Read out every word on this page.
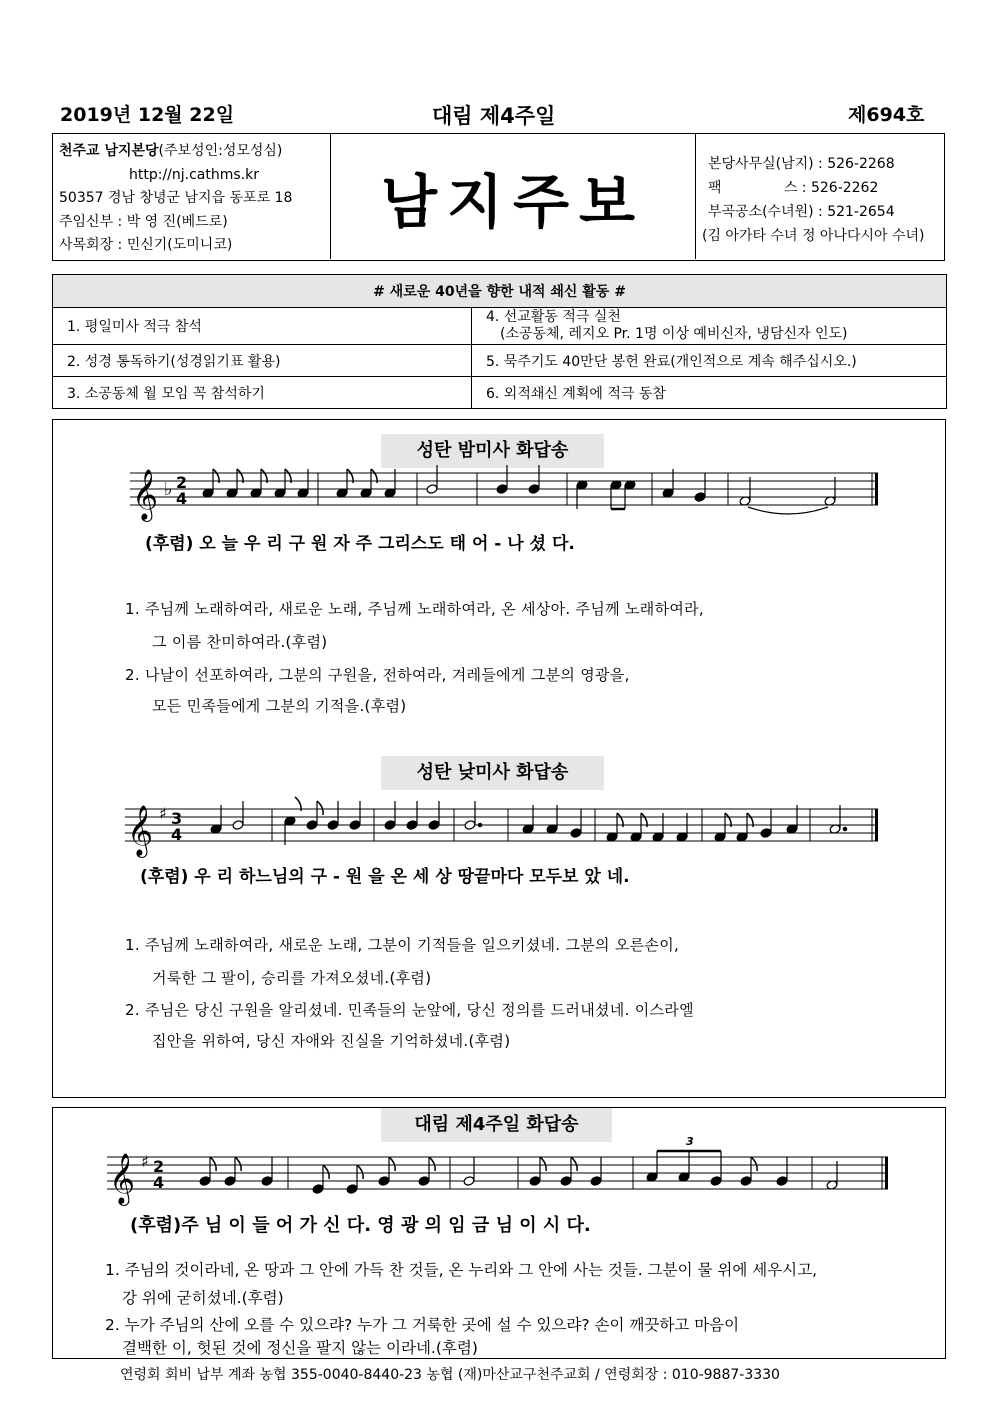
2019년 12월 22일	대림 제4주일	제694호
천주교 남지본당(주보성인:성모성심)
http://nj.cathms.kr
50357 경남 창녕군 남지읍 동포로 18
주임신부 : 박 영 진(베드로)
사목회장 : 민신기(도미니코)
남지주보
본당사무실(남지) : 526-2268
팩              스 : 526-2262
부곡공소(수녀원) : 521-2654
(김 아가타 수녀 정 아나다시아 수녀)
# 새로운 40년을 향한 내적 쇄신 활동 #	
1. 평일미사 적극 참석	4. 선교활동 적극 실천
(소공동체, 레지오 Pr. 1명 이상 예비신자, 냉담신자 인도)

2. 성경 통독하기(성경읽기표 활용)	5. 묵주기도 40만단 봉헌 완료(개인적으로 계속 해주십시오.)
3. 소공동체 월 모임 꼭 참석하기	6. 외적쇄신 계획에 적극 동참
성탄 밤미사 화답송
𝄞 ♭ 2
4
𝄞 ♯ 3
4
𝄞 ♯ 2
4
3
(후렴) 오 늘 우 리 구 원 자 주 그리스도 태 어 - 나 셨 다.
1. 주님께 노래하여라, 새로운 노래, 주님께 노래하여라, 온 세상아. 주님께 노래하여라,
그 이름 찬미하여라.(후렴)
2. 나날이 선포하여라, 그분의 구원을, 전하여라, 겨레들에게 그분의 영광을,
모든 민족들에게 그분의 기적을.(후렴)
성탄 낮미사 화답송
(후렴) 우 리 하느님의 구 - 원 을 온 세 상 땅끝마다 모두보 았 네.
1. 주님께 노래하여라, 새로운 노래, 그분이 기적들을 일으키셨네. 그분의 오른손이,
거룩한 그 팔이, 승리를 가져오셨네.(후렴)
2. 주님은 당신 구원을 알리셨네. 민족들의 눈앞에, 당신 정의를 드러내셨네. 이스라엘
집안을 위하여, 당신 자애와 진실을 기억하셨네.(후렴)
대림 제4주일 화답송
(후렴)주 님 이 들 어 가 신 다. 영 광 의 임 금 님 이 시 다.
1. 주님의 것이라네, 온 땅과 그 안에 가득 찬 것들, 온 누리와 그 안에 사는 것들. 그분이 물 위에 세우시고,
강 위에 굳히셨네.(후렴)
2. 누가 주님의 산에 오를 수 있으랴? 누가 그 거룩한 곳에 설 수 있으랴? 손이 깨끗하고 마음이
결백한 이, 헛된 것에 정신을 팔지 않는 이라네.(후렴)
연령회 회비 납부 계좌 농협 355-0040-8440-23 농협 (재)마산교구천주교회 / 연령회장 : 010-9887-3330
